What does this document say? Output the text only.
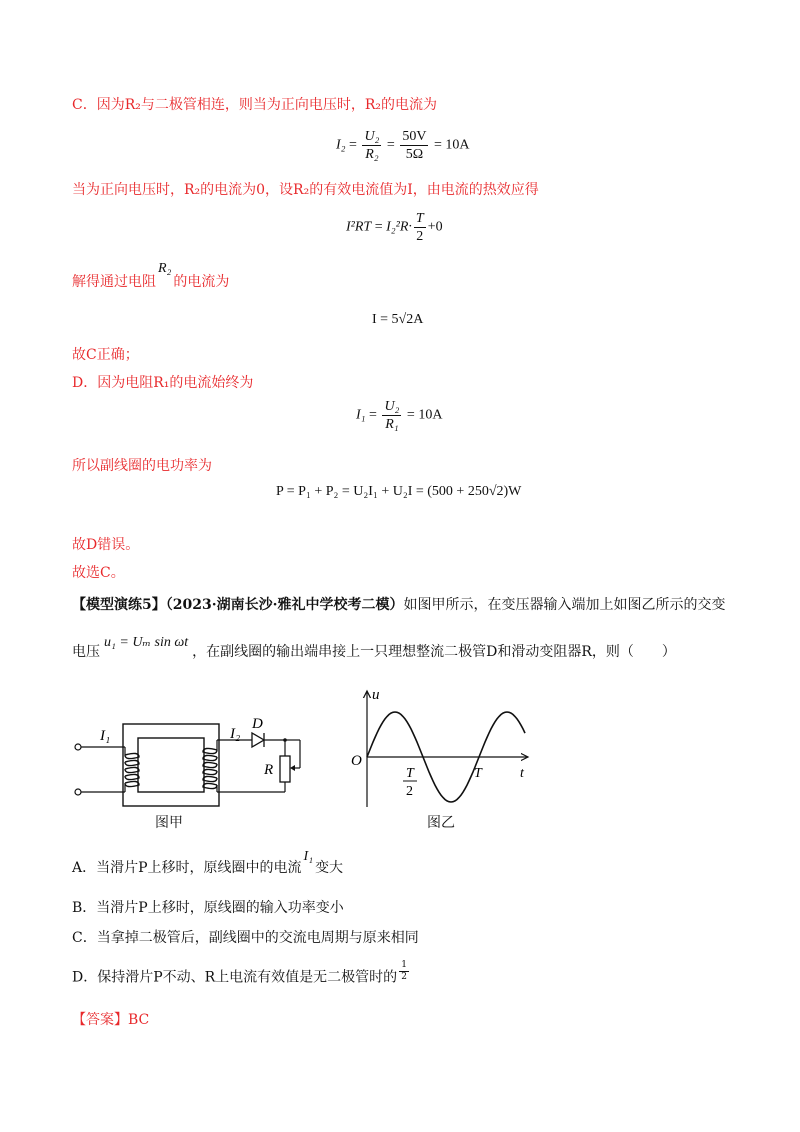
C．因为R₂与二极管相连，则当为正向电压时，R₂的电流为
$I_2 = \frac{\text{U₂}}{\text{R₂}} = \frac{50V}{5\Omega} = 10A$
当为正向电压时，R₂的电流为0，设R₂的有效电流值为I，由电流的热效应得
$I^2RT = I_2^2R\cdot \frac{T}{2} +0$
解得通过电阻R₂的电流为
I = 5√2A
故C正确；
D．因为电阻R₁的电流始终为
$I_1 = \frac{\text{U₂}}{\text{R₁}} = 10A$
所以副线圈的电功率为
P = P₁ + P₂ = U₂I₁ + U₂I = (500 + 250√2)W
故D错误。
故选C。
【模型演练5】（2023·湖南长沙·雅礼中学校考二模）如图甲所示，在变压器输入端加上如图乙所示的交变
电压u₁ = Uₘ sin ωt，在副线圈的输出端串接上一只理想整流二极管D和滑动变阻器R，则（　　）
I₁	I₂
D
R
图甲
u
O
T
2
T	t
图乙
A．当滑片P上移时，原线圈中的电流I₁变大
B．当滑片P上移时，原线圈的输入功率变小
C．当拿掉二极管后，副线圈中的交流电周期与原来相同
D．保持滑片P不动、R上电流有效值是无二极管时的 $\frac{1}{2}$
【答案】BC
